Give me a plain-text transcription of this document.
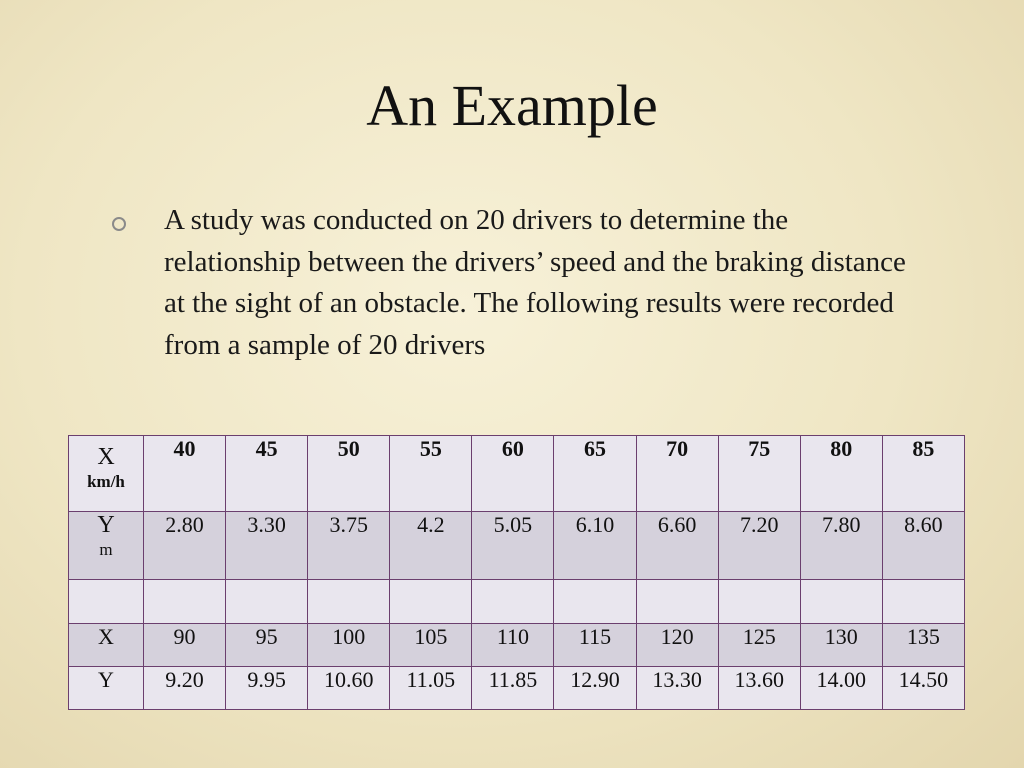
An Example
A study was conducted on 20 drivers to determine the relationship between the drivers’ speed and the braking distance at the sight of an obstacle. The following results were recorded from a sample of 20 drivers
X
km/h	40	45	50	55	60	65	70	75	80	85

Y
m	2.80	3.30	3.75	4.2	5.05	6.10	6.60	7.20	7.80	8.60

X	90	95	100	105	110	115	120	125	130	135

Y	9.20	9.95	10.60	11.05	11.85	12.90	13.30	13.60	14.00	14.50
